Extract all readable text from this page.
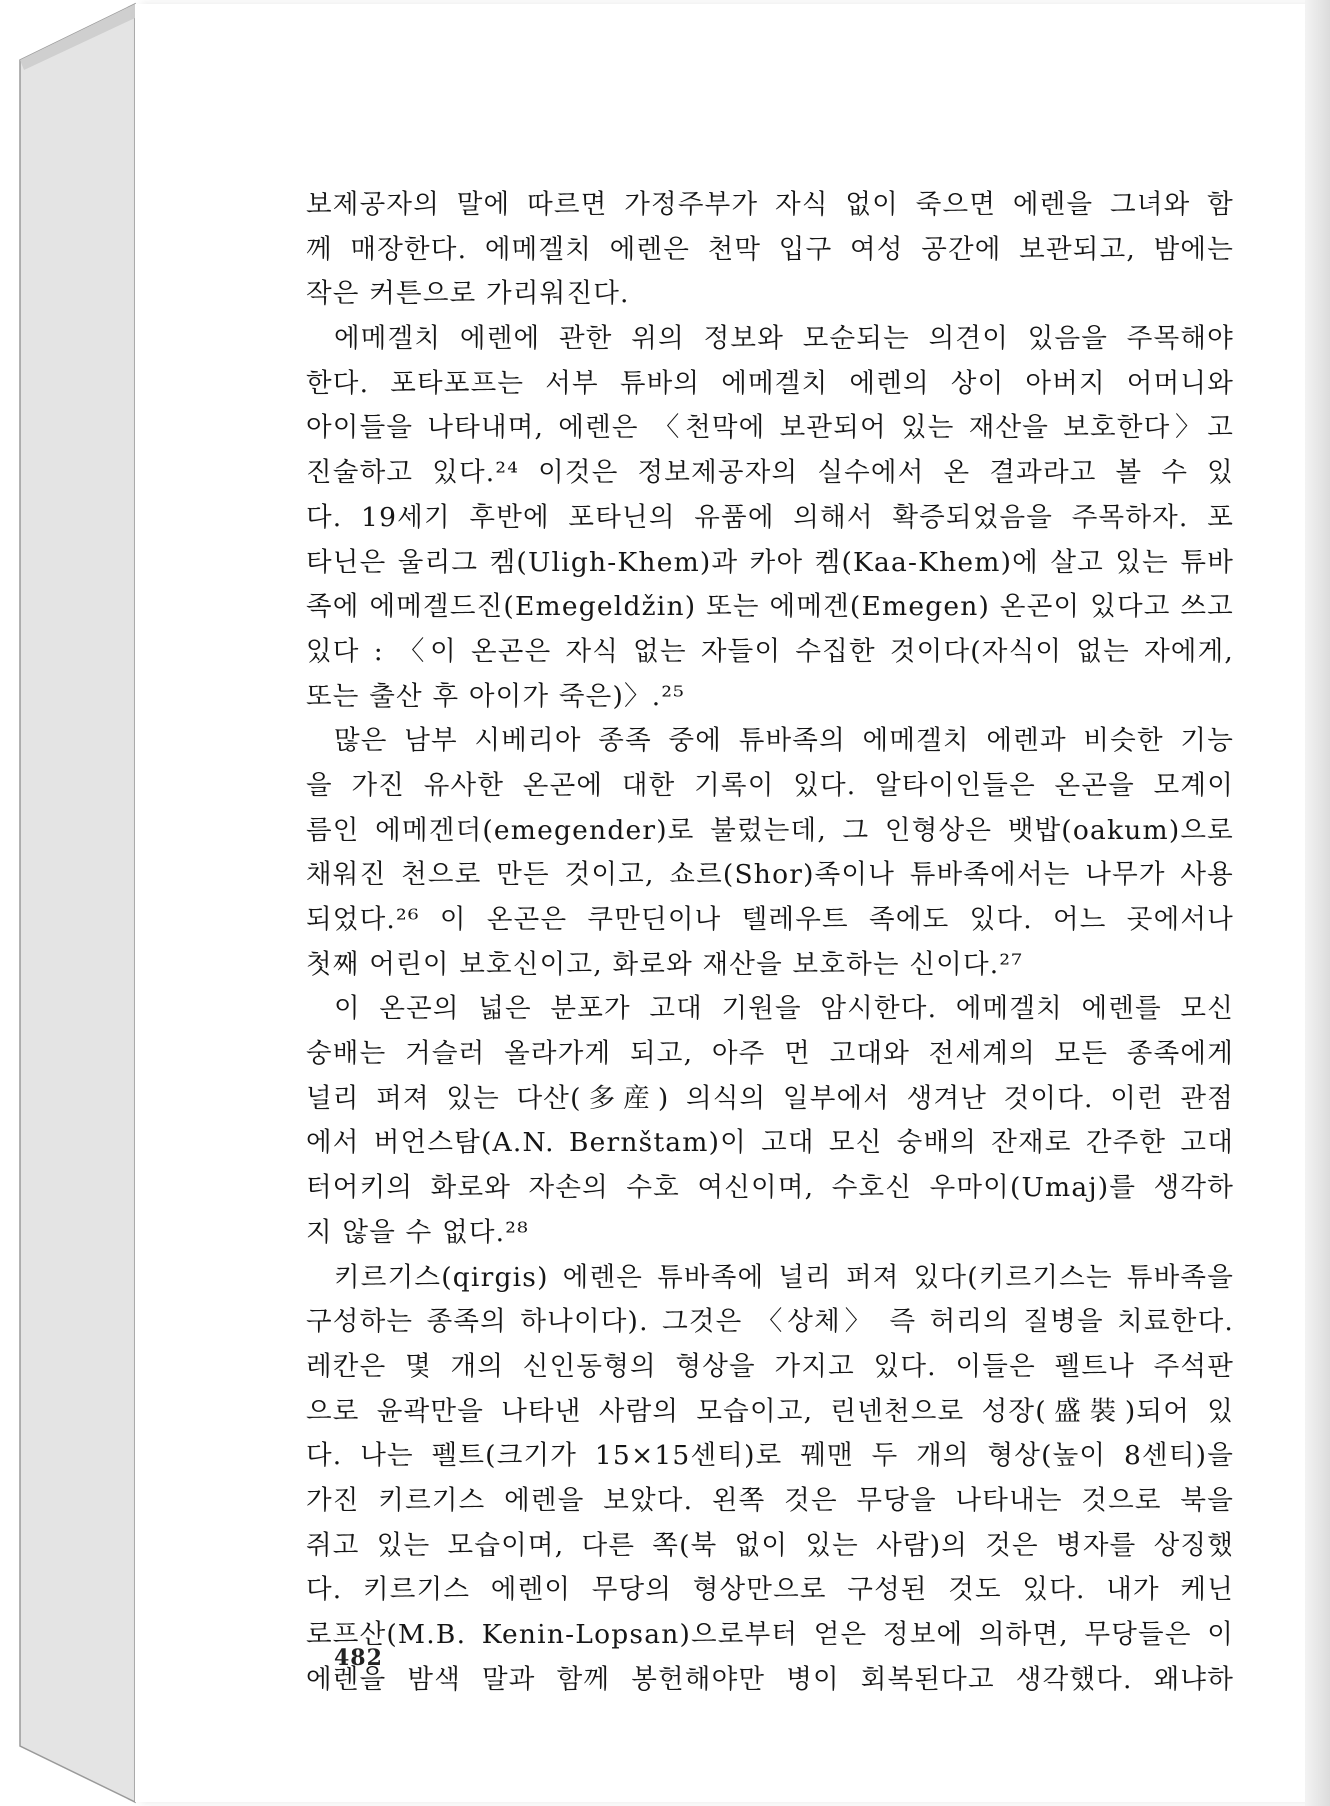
보제공자의 말에 따르면 가정주부가 자식 없이 죽으면 에렌을 그녀와 함
께 매장한다. 에메겔치 에렌은 천막 입구 여성 공간에 보관되고, 밤에는
작은 커튼으로 가리워진다.
에메겔치 에렌에 관한 위의 정보와 모순되는 의견이 있음을 주목해야
한다. 포타포프는 서부 튜바의 에메겔치 에렌의 상이 아버지 어머니와
아이들을 나타내며, 에렌은 〈천막에 보관되어 있는 재산을 보호한다〉고
진술하고 있다.²⁴ 이것은 정보제공자의 실수에서 온 결과라고 볼 수 있
다. 19세기 후반에 포타닌의 유품에 의해서 확증되었음을 주목하자. 포
타닌은 울리그 켐(Uligh-Khem)과 카아 켐(Kaa-Khem)에 살고 있는 튜바
족에 에메겔드진(Emegeldžin) 또는 에메겐(Emegen) 온곤이 있다고 쓰고
있다 : 〈이 온곤은 자식 없는 자들이 수집한 것이다(자식이 없는 자에게,
또는 출산 후 아이가 죽은)〉.²⁵
많은 남부 시베리아 종족 중에 튜바족의 에메겔치 에렌과 비슷한 기능
을 가진 유사한 온곤에 대한 기록이 있다. 알타이인들은 온곤을 모계이
름인 에메겐더(emegender)로 불렀는데, 그 인형상은 뱃밥(oakum)으로
채워진 천으로 만든 것이고, 쇼르(Shor)족이나 튜바족에서는 나무가 사용
되었다.²⁶ 이 온곤은 쿠만딘이나 텔레우트 족에도 있다. 어느 곳에서나
첫째 어린이 보호신이고, 화로와 재산을 보호하는 신이다.²⁷
이 온곤의 넓은 분포가 고대 기원을 암시한다. 에메겔치 에렌를 모신
숭배는 거슬러 올라가게 되고, 아주 먼 고대와 전세계의 모든 종족에게
널리 퍼져 있는 다산(多産) 의식의 일부에서 생겨난 것이다. 이런 관점
에서 버언스탐(A.N. Bernštam)이 고대 모신 숭배의 잔재로 간주한 고대
터어키의 화로와 자손의 수호 여신이며, 수호신 우마이(Umaj)를 생각하
지 않을 수 없다.²⁸
키르기스(qirgis) 에렌은 튜바족에 널리 퍼져 있다(키르기스는 튜바족을
구성하는 종족의 하나이다). 그것은 〈상체〉 즉 허리의 질병을 치료한다.
레칸은 몇 개의 신인동형의 형상을 가지고 있다. 이들은 펠트나 주석판
으로 윤곽만을 나타낸 사람의 모습이고, 린넨천으로 성장(盛裝)되어 있
다. 나는 펠트(크기가 15×15센티)로 꿰맨 두 개의 형상(높이 8센티)을
가진 키르기스 에렌을 보았다. 왼쪽 것은 무당을 나타내는 것으로 북을
쥐고 있는 모습이며, 다른 쪽(북 없이 있는 사람)의 것은 병자를 상징했
다. 키르기스 에렌이 무당의 형상만으로 구성된 것도 있다. 내가 케닌
로프산(M.B. Kenin-Lopsan)으로부터 얻은 정보에 의하면, 무당들은 이
에렌을 밤색 말과 함께 봉헌해야만 병이 회복된다고 생각했다. 왜냐하
482
